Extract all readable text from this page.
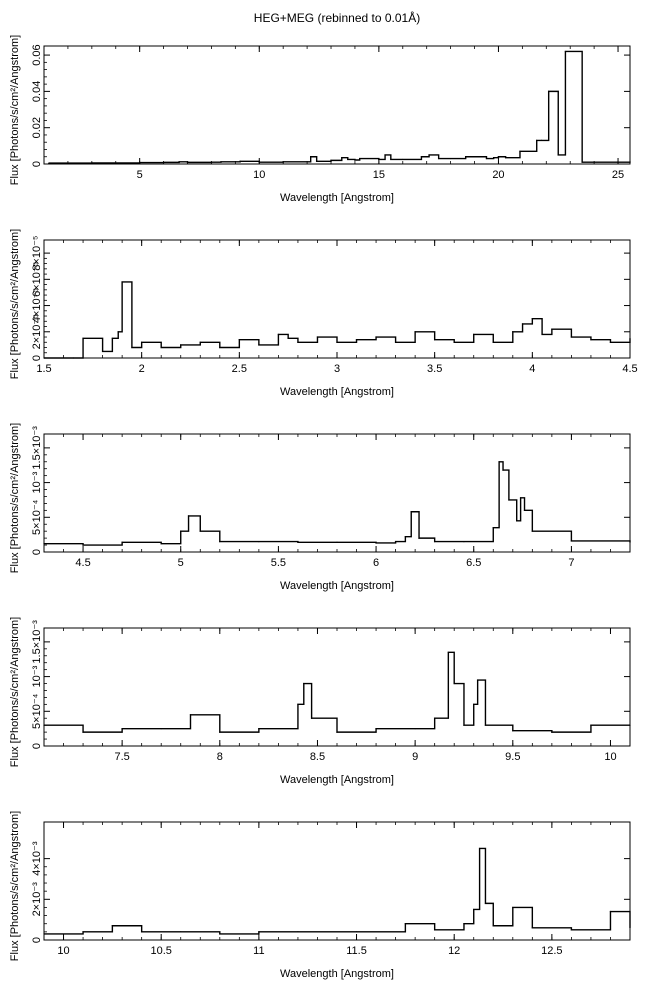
HEG+MEG (rebinned to 0.01Å)
5	10	15	20	25
0
0.02
0.04
0.06
Wavelength [Angstrom]
Flux [Photons/s/cm²/Angstrom]
1.5	2	2.5	3	3.5	4	4.5
0
2×10⁻⁵
4×10⁻⁵
6×10⁻⁵
8×10⁻⁵
Wavelength [Angstrom]
Flux [Photons/s/cm²/Angstrom]
4.5	5	5.5	6	6.5	7
0
5×10⁻⁴
10⁻³
1.5×10⁻³
Wavelength [Angstrom]
Flux [Photons/s/cm²/Angstrom]
7.5	8	8.5	9	9.5	10
0
5×10⁻⁴
10⁻³
1.5×10⁻³
Wavelength [Angstrom]
Flux [Photons/s/cm²/Angstrom]
10	10.5	11	11.5	12	12.5
0
2×10⁻³
4×10⁻³
Wavelength [Angstrom]
Flux [Photons/s/cm²/Angstrom]
